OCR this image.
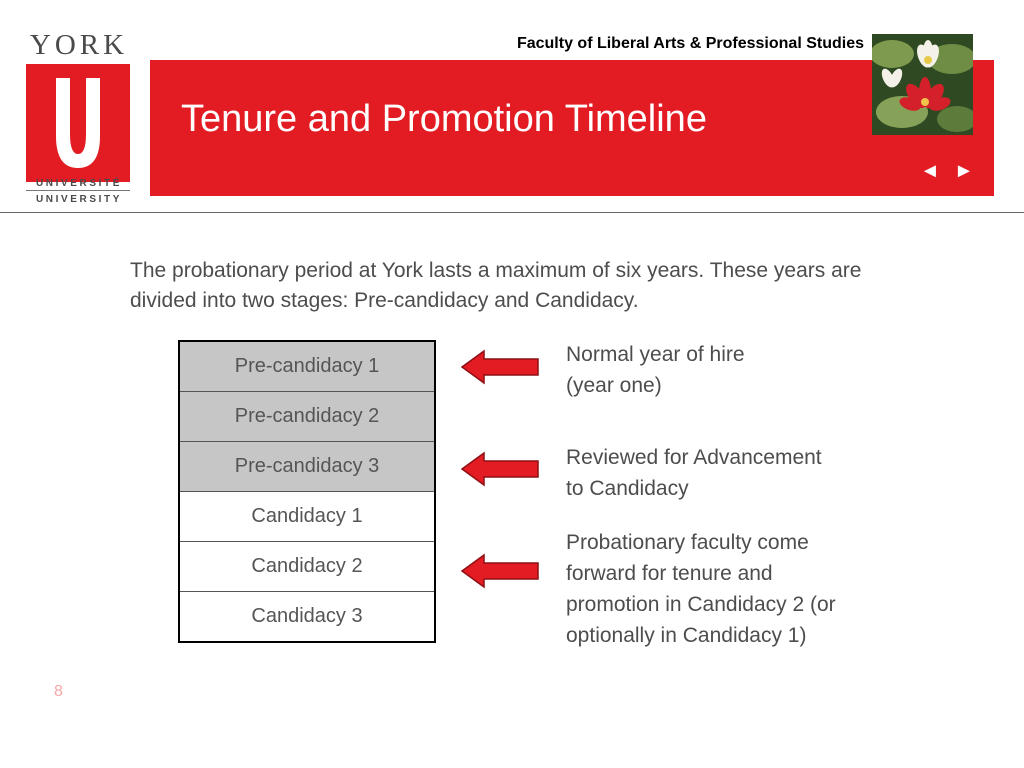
YORK
UNIVERSITÉ
UNIVERSITY
Faculty of Liberal Arts & Professional Studies
Tenure and Promotion Timeline
◄ ►
The probationary period at York lasts a maximum of six years. These years are divided into two stages: Pre-candidacy and Candidacy.
Pre-candidacy 1
Pre-candidacy 2
Pre-candidacy 3
Candidacy 1
Candidacy 2
Candidacy 3
Normal year of hire
(year one)
Reviewed for Advancement
to Candidacy
Probationary faculty come
forward for tenure and
promotion in Candidacy 2 (or
optionally in Candidacy 1)
8
